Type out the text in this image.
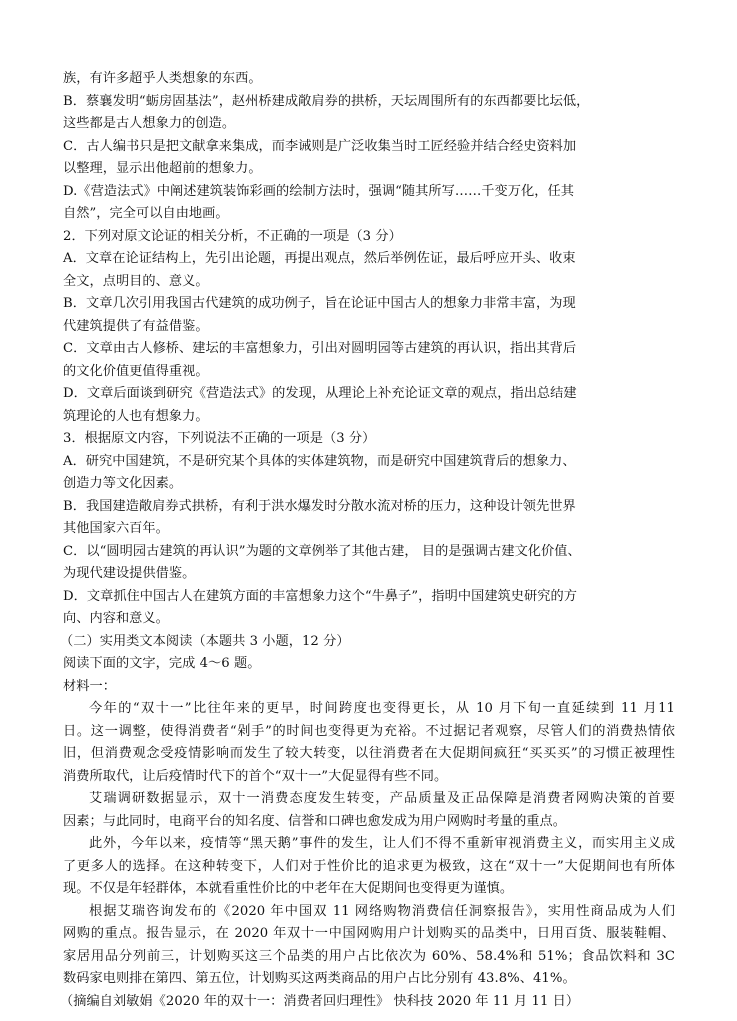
族，有许多超乎人类想象的东西。
B．蔡襄发明“蛎房固基法”，赵州桥建成敞肩券的拱桥，天坛周围所有的东西都要比坛低，
这些都是古人想象力的创造。
C．古人编书只是把文献拿来集成，而李诫则是广泛收集当时工匠经验并结合经史资料加
以整理，显示出他超前的想象力。
D.《营造法式》中阐述建筑装饰彩画的绘制方法时，强调“随其所写……千变万化，任其
自然”，完全可以自由地画。
2．下列对原文论证的相关分析，不正确的一项是（3 分）
A．文章在论证结构上，先引出论题，再提出观点，然后举例佐证，最后呼应开头、收束
全文，点明目的、意义。
B．文章几次引用我国古代建筑的成功例子，旨在论证中国古人的想象力非常丰富，为现
代建筑提供了有益借鉴。
C．文章由古人修桥、建坛的丰富想象力，引出对圆明园等古建筑的再认识，指出其背后
的文化价值更值得重视。
D．文章后面谈到研究《营造法式》的发现，从理论上补充论证文章的观点，指出总结建
筑理论的人也有想象力。
3．根据原文内容，下列说法不正确的一项是（3 分）
A．研究中国建筑，不是研究某个具体的实体建筑物，而是研究中国建筑背后的想象力、
创造力等文化因素。
B．我国建造敞肩券式拱桥，有利于洪水爆发时分散水流对桥的压力，这种设计领先世界
其他国家六百年。
C．以“圆明园古建筑的再认识”为题的文章例举了其他古建， 目的是强调古建文化价值、
为现代建设提供借鉴。
D．文章抓住中国古人在建筑方面的丰富想象力这个“牛鼻子”，指明中国建筑史研究的方
向、内容和意义。
（二）实用类文本阅读（本题共 3 小题，12 分）
阅读下面的文字，完成 4～6 题。
材料一：
今年的“双十一”比往年来的更早，时间跨度也变得更长，从 10 月下旬一直延续到 11 月11
日。这一调整，使得消费者“剁手”的时间也变得更为充裕。不过据记者观察，尽管人们的消费热情依
旧，但消费观念受疫情影响而发生了较大转变，以往消费者在大促期间疯狂“买买买”的习惯正被理性
消费所取代，让后疫情时代下的首个“双十一”大促显得有些不同。
艾瑞调研数据显示，双十一消费态度发生转变，产品质量及正品保障是消费者网购决策的首要
因素；与此同时，电商平台的知名度、信誉和口碑也愈发成为用户网购时考量的重点。
此外，今年以来，疫情等“黑天鹅”事件的发生，让人们不得不重新审视消费主义，而实用主义成
了更多人的选择。在这种转变下，人们对于性价比的追求更为极致，这在“双十一”大促期间也有所体
现。不仅是年轻群体，本就看重性价比的中老年在大促期间也变得更为谨慎。
根据艾瑞咨询发布的《2020 年中国双 11 网络购物消费信任洞察报告》，实用性商品成为人们
网购的重点。报告显示，在 2020 年双十一中国网购用户计划购买的品类中，日用百货、服装鞋帽、
家居用品分列前三，计划购买这三个品类的用户占比依次为 60%、58.4%和 51%；食品饮料和 3C
数码家电则排在第四、第五位，计划购买这两类商品的用户占比分别有 43.8%、41%。
（摘编自刘敏娟《2020 年的双十一：消费者回归理性》 快科技 2020 年 11 月 11 日）
